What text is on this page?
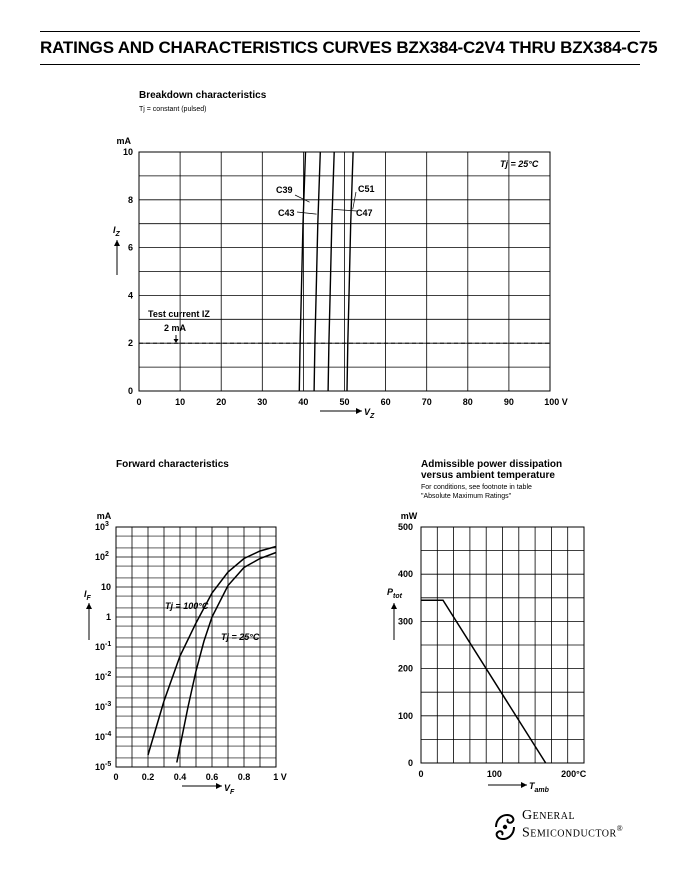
RATINGS AND CHARACTERISTICS CURVES BZX384-C2V4 THRU BZX384-C75
Breakdown characteristics
Tj = constant (pulsed)
0	10	20	30	40	50	60	70	80	90	100 V
0
2
4
6
8
10
mA
$I_Z$
$V_Z$
Tj = 25°C
Test current IZ
2 mA
C39
C43	C47
C51
Forward characteristics
0	0.2 0.4 0.6 0.8	1 V
10 3
10 2
10
1
10 -1
10 -2
10 -3
10 -4
10 -5
mA
$I_F$
$V_F$
Tj = 100°C
Tj = 25°C
Admissible power dissipation
versus ambient temperature
For conditions, see footnote in table
"Absolute Maximum Ratings"
0	100	200°C
0
100
200
300
400
500
mW
$P_{tot}$
$T_{amb}$
General
Semiconductor®
